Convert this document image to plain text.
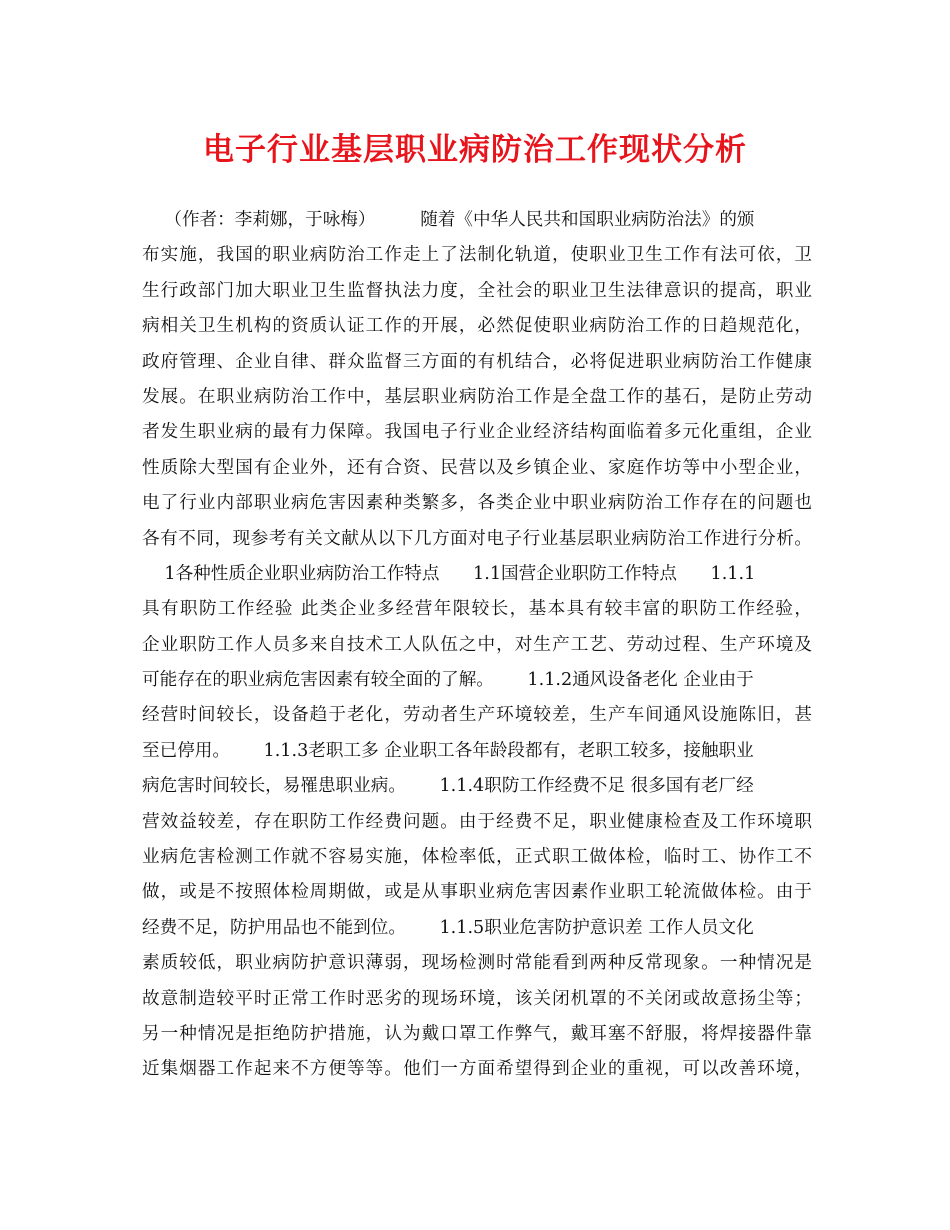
电子行业基层职业病防治工作现状分析
（作者：李莉娜，于咏梅）        随着《中华人民共和国职业病防治法》的颁
布实施，我国的职业病防治工作走上了法制化轨道，使职业卫生工作有法可依，卫
生行政部门加大职业卫生监督执法力度，全社会的职业卫生法律意识的提高，职业
病相关卫生机构的资质认证工作的开展，必然促使职业病防治工作的日趋规范化，
政府管理、企业自律、群众监督三方面的有机结合，必将促进职业病防治工作健康
发展。在职业病防治工作中，基层职业病防治工作是全盘工作的基石，是防止劳动
者发生职业病的最有力保障。我国电子行业企业经济结构面临着多元化重组，企业
性质除大型国有企业外，还有合资、民营以及乡镇企业、家庭作坊等中小型企业，
电了行业内部职业病危害因素种类繁多，各类企业中职业病防治工作存在的问题也
各有不同，现参考有关文献从以下几方面对电子行业基层职业病防治工作进行分析。
1各种性质企业职业病防治工作特点      1.1国营企业职防工作特点      1.1.1
具有职防工作经验 此类企业多经营年限较长，基本具有较丰富的职防工作经验，
企业职防工作人员多来自技术工人队伍之中，对生产工艺、劳动过程、生产环境及
可能存在的职业病危害因素有较全面的了解。      1.1.2通风设备老化 企业由于
经营时间较长，设备趋于老化，劳动者生产环境较差，生产车间通风设施陈旧，甚
至已停用。      1.1.3老职工多 企业职工各年龄段都有，老职工较多，接触职业
病危害时间较长，易罹患职业病。      1.1.4职防工作经费不足 很多国有老厂经
营效益较差，存在职防工作经费问题。由于经费不足，职业健康检查及工作环境职
业病危害检测工作就不容易实施，体检率低，正式职工做体检，临时工、协作工不
做，或是不按照体检周期做，或是从事职业病危害因素作业职工轮流做体检。由于
经费不足，防护用品也不能到位。      1.1.5职业危害防护意识差 工作人员文化
素质较低，职业病防护意识薄弱，现场检测时常能看到两种反常现象。一种情况是
故意制造较平时正常工作时恶劣的现场环境，该关闭机罩的不关闭或故意扬尘等；
另一种情况是拒绝防护措施，认为戴口罩工作弊气，戴耳塞不舒服，将焊接器件靠
近集烟器工作起来不方便等等。他们一方面希望得到企业的重视，可以改善环境，
